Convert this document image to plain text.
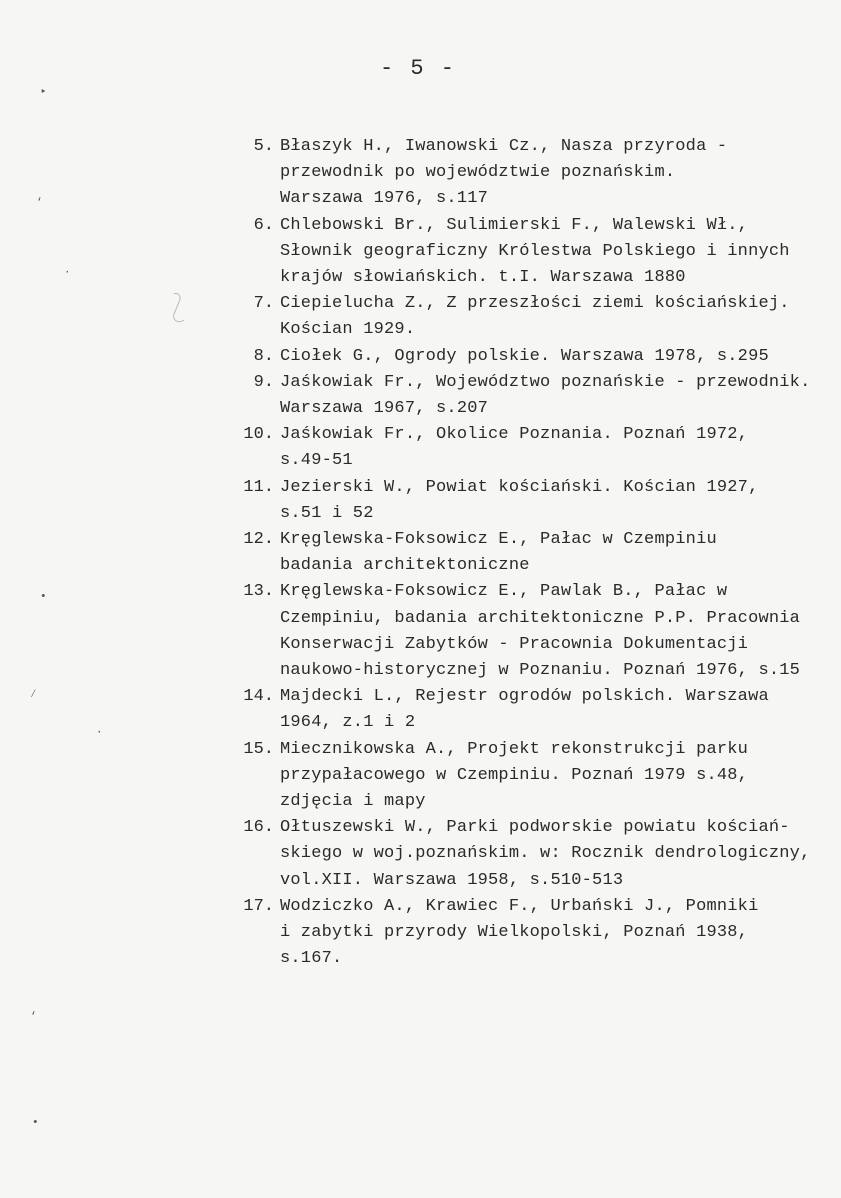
- 5 -
‣
‘
·
•
⁄
·
‘
•
5. Błaszyk H., Iwanowski Cz., Nasza przyroda -
przewodnik po województwie poznańskim.
Warszawa 1976, s.117
6. Chlebowski Br., Sulimierski F., Walewski Wł.,
Słownik geograficzny Królestwa Polskiego i innych
krajów słowiańskich. t.I. Warszawa 1880
7. Ciepielucha Z., Z przeszłości ziemi kościańskiej.
Kościan 1929.
8. Ciołek G., Ogrody polskie. Warszawa 1978, s.295
9. Jaśkowiak Fr., Województwo poznańskie - przewodnik.
Warszawa 1967, s.207
10. Jaśkowiak Fr., Okolice Poznania. Poznań 1972,
s.49-51
11. Jezierski W., Powiat kościański. Kościan 1927,
s.51 i 52
12. Kręglewska-Foksowicz E., Pałac w Czempiniu
badania architektoniczne
13. Kręglewska-Foksowicz E., Pawlak B., Pałac w
Czempiniu, badania architektoniczne P.P. Pracownia
Konserwacji Zabytków - Pracownia Dokumentacji
naukowo-historycznej w Poznaniu. Poznań 1976, s.15
14. Majdecki L., Rejestr ogrodów polskich. Warszawa
1964, z.1 i 2
15. Miecznikowska A., Projekt rekonstrukcji parku
przypałacowego w Czempiniu. Poznań 1979 s.48,
zdjęcia i mapy
16. Ołtuszewski W., Parki podworskie powiatu kościań-
skiego w woj.poznańskim. w: Rocznik dendrologiczny,
vol.XII. Warszawa 1958, s.510-513
17. Wodziczko A., Krawiec F., Urbański J., Pomniki
i zabytki przyrody Wielkopolski, Poznań 1938,
s.167.
